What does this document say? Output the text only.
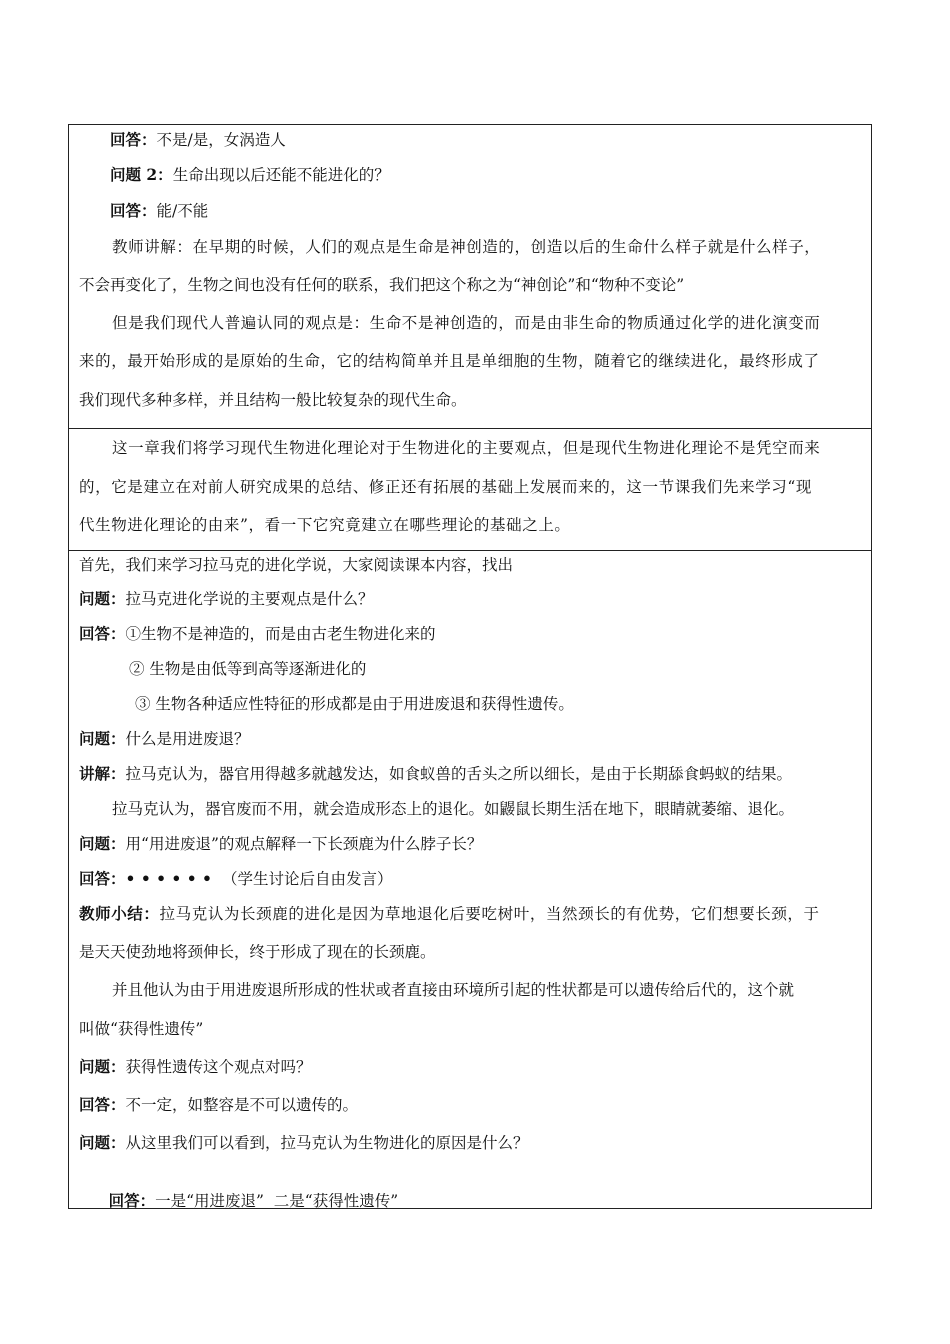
回答：不是/是，女涡造人
问题 2：生命出现以后还能不能进化的？
回答：能/不能
教师讲解：在早期的时候，人们的观点是生命是神创造的，创造以后的生命什么样子就是什么样子，
不会再变化了，生物之间也没有任何的联系，我们把这个称之为“神创论”和“物种不变论”
但是我们现代人普遍认同的观点是：生命不是神创造的，而是由非生命的物质通过化学的进化演变而
来的，最开始形成的是原始的生命，它的结构简单并且是单细胞的生物，随着它的继续进化，最终形成了
我们现代多种多样，并且结构一般比较复杂的现代生命。
这一章我们将学习现代生物进化理论对于生物进化的主要观点，但是现代生物进化理论不是凭空而来
的，它是建立在对前人研究成果的总结、修正还有拓展的基础上发展而来的，这一节课我们先来学习“现
代生物进化理论的由来”，看一下它究竟建立在哪些理论的基础之上。
首先，我们来学习拉马克的进化学说，大家阅读课本内容，找出
问题：拉马克进化学说的主要观点是什么？
回答：①生物不是神造的，而是由古老生物进化来的
② 生物是由低等到高等逐渐进化的
③ 生物各种适应性特征的形成都是由于用进废退和获得性遗传。
问题：什么是用进废退？
讲解：拉马克认为，器官用得越多就越发达，如食蚁兽的舌头之所以细长，是由于长期舔食蚂蚁的结果。
拉马克认为，器官废而不用，就会造成形态上的退化。如鼹鼠长期生活在地下，眼睛就萎缩、退化。
问题：用“用进废退”的观点解释一下长颈鹿为什么脖子长？
回答：• • • • • • （学生讨论后自由发言）
教师小结：拉马克认为长颈鹿的进化是因为草地退化后要吃树叶，当然颈长的有优势，它们想要长颈，于
是天天使劲地将颈伸长，终于形成了现在的长颈鹿。
并且他认为由于用进废退所形成的性状或者直接由环境所引起的性状都是可以遗传给后代的，这个就
叫做“获得性遗传”
问题：获得性遗传这个观点对吗？
回答：不一定，如整容是不可以遗传的。
问题：从这里我们可以看到，拉马克认为生物进化的原因是什么？

回答：一是“用进废退”  二是“获得性遗传”
